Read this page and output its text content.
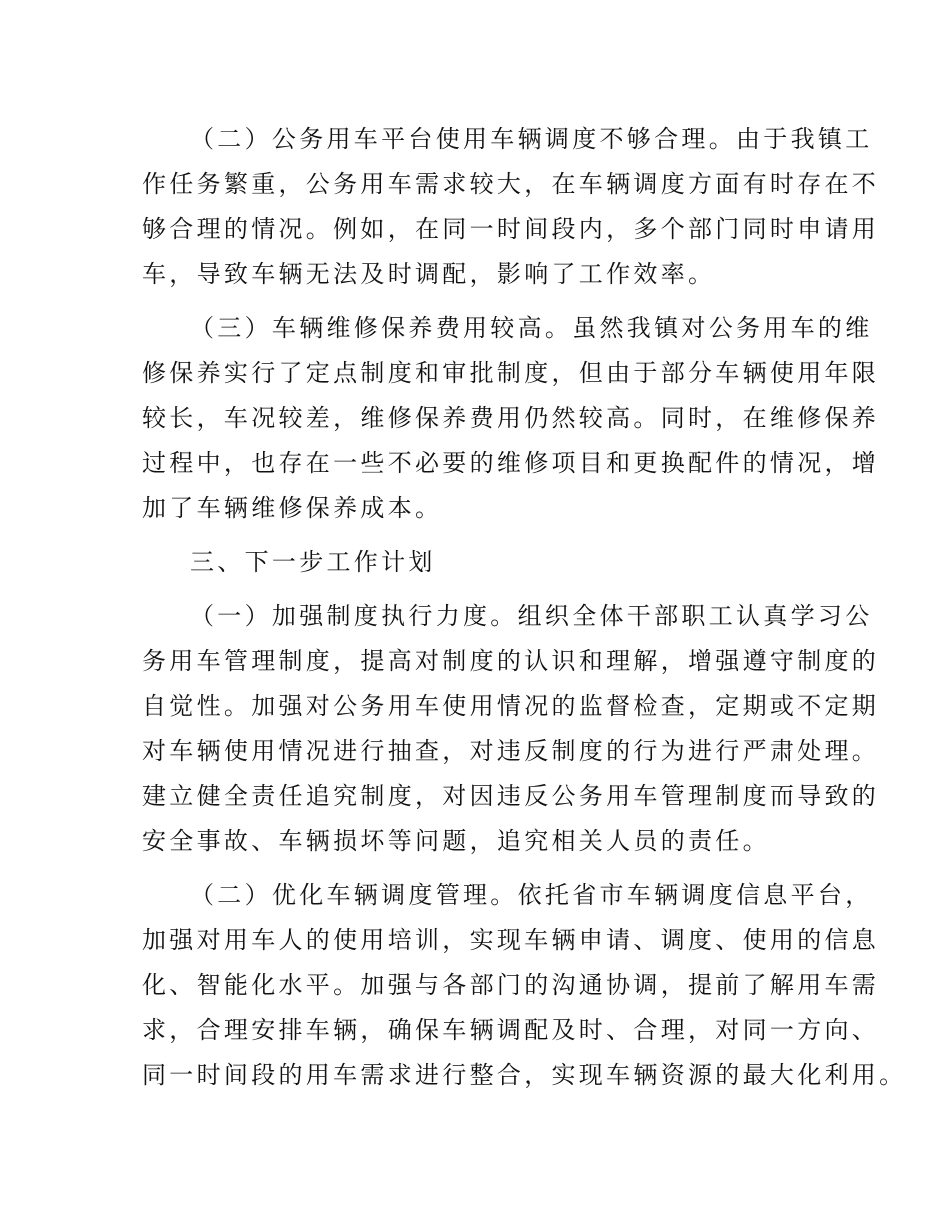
（二）公务用车平台使用车辆调度不够合理。由于我镇工
作任务繁重，公务用车需求较大，在车辆调度方面有时存在不
够合理的情况。例如，在同一时间段内，多个部门同时申请用
车，导致车辆无法及时调配，影响了工作效率。
（三）车辆维修保养费用较高。虽然我镇对公务用车的维
修保养实行了定点制度和审批制度，但由于部分车辆使用年限
较长，车况较差，维修保养费用仍然较高。同时，在维修保养
过程中，也存在一些不必要的维修项目和更换配件的情况，增
加了车辆维修保养成本。
三、下一步工作计划
（一）加强制度执行力度。组织全体干部职工认真学习公
务用车管理制度，提高对制度的认识和理解，增强遵守制度的
自觉性。加强对公务用车使用情况的监督检查，定期或不定期
对车辆使用情况进行抽查，对违反制度的行为进行严肃处理。
建立健全责任追究制度，对因违反公务用车管理制度而导致的
安全事故、车辆损坏等问题，追究相关人员的责任。
（二）优化车辆调度管理。依托省市车辆调度信息平台，
加强对用车人的使用培训，实现车辆申请、调度、使用的信息
化、智能化水平。加强与各部门的沟通协调，提前了解用车需
求，合理安排车辆，确保车辆调配及时、合理，对同一方向、
同一时间段的用车需求进行整合，实现车辆资源的最大化利用。
